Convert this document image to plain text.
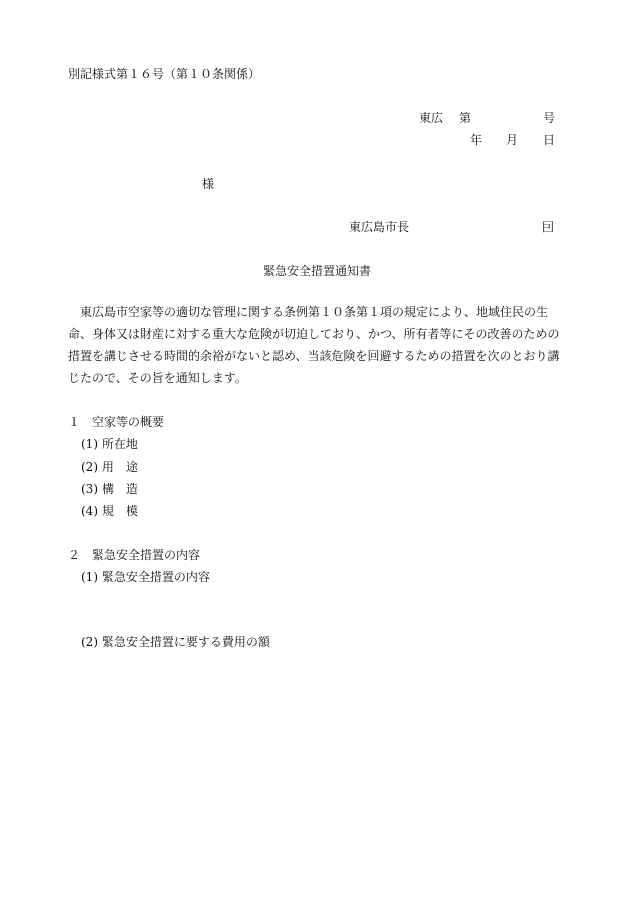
別記様式第１６号（第１０条関係）
東広 第	号
年 月 日
様
東広島市長	囙
緊急安全措置通知書
東広島市空家等の適切な管理に関する条例第１０条第１項の規定により、地域住民の生
命、身体又は財産に対する重大な危険が切迫しており、かつ、所有者等にその改善のための
措置を講じさせる時間的余裕がないと認め、当該危険を回避するための措置を次のとおり講
じたので、その旨を通知します。
１　空家等の概要
(1) 所在地
(2) 用　途
(3) 構　造
(4) 規　模
２　緊急安全措置の内容
(1) 緊急安全措置の内容
(2) 緊急安全措置に要する費用の額
